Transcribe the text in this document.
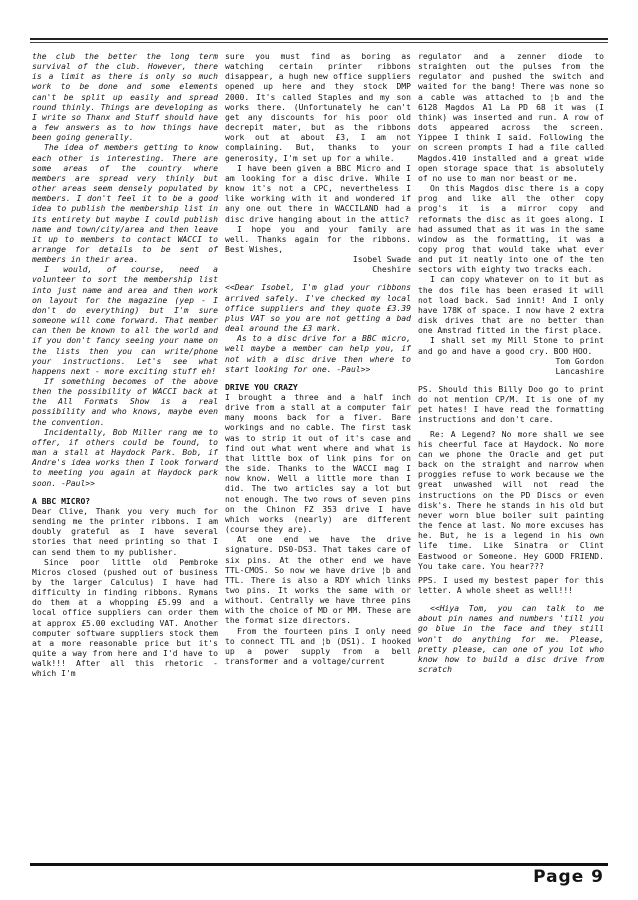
the club the better the long term survival of the club. However, there is a limit as there is only so much work to be done and some elements can't be split up easily and spread round thinly. Things are developing as I write so Thanx and Stuff should have a few answers as to how things have been going generally.

The idea of members getting to know each other is interesting. There are some areas of the country where members are spread very thinly but other areas seem densely populated by members. I don't feel it to be a good idea to publish the membership list in its entirety but maybe I could publish name and town/city/area and then leave it up to members to contact WACCI to arrange for details to be sent of members in their area.

I would, of course, need a volunteer to sort the membership list into just name and area and then work on layout for the magazine (yep - I don't do everything) but I'm sure someone will come forward. That member can then be known to all the world and if you don't fancy seeing your name on the lists then you can write/phone your instructions. Let's see what happens next - more exciting stuff eh!

If something becomes of the above then the possibility of WACCI back at the All Formats Show is a real possibility and who knows, maybe even the convention.

Incidentally, Bob Miller rang me to offer, if others could be found, to man a stall at Haydock Park. Bob, if Andre's idea works then I look forward to meeting you again at Haydock park soon. -Paul>>

A BBC MICRO?

Dear Clive, Thank you very much for sending me the printer ribbons. I am doubly grateful as I have several stories that need printing so that I can send them to my publisher.

Since poor little old Pembroke Micros closed (pushed out of business by the larger Calculus) I have had difficulty in finding ribbons. Rymans do them at a whopping £5.99 and a local office suppliers can order them at approx £5.00 excluding VAT. Another computer software suppliers stock them at a more reasonable price but it's quite a way from here and I'd have to walk!!! After all this rhetoric - which I'm

sure you must find as boring as watching certain printer ribbons disappear, a hugh new office suppliers opened up here and they stock DMP 2000. It's called Staples and my son works there. (Unfortunately he can't get any discounts for his poor old decrepit mater, but as the ribbons work out at about £3, I am not complaining. But, thanks to your generosity, I'm set up for a while.

I have been given a BBC Micro and I am looking for a disc drive. While I know it's not a CPC, nevertheless I like working with it and wondered if any one out there in WACCILAND had a disc drive hanging about in the attic?

I hope you and your family are well. Thanks again for the ribbons. Best Wishes,

Isobel Swade

Cheshire

<<Dear Isobel, I'm glad your ribbons arrived safely. I've checked my local office suppliers and they quote £3.39 plus VAT so you are not getting a bad deal around the £3 mark.

As to a disc drive for a BBC micro, well maybe a member can help you, if not with a disc drive then where to start looking for one. -Paul>>

DRIVE YOU CRAZY

I brought a three and a half inch drive from a stall at a computer fair many moons back for a fiver. Bare workings and no cable. The first task was to strip it out of it's case and find out what went where and what is that little box of link pins for on the side. Thanks to the WACCI mag I now know. Well a little more than I did. The two articles say a lot but not enough. The two rows of seven pins on the Chinon FZ 353 drive I have which works (nearly) are different (course they are).

At one end we have the drive signature. DS0-DS3. That takes care of six pins. At the other end we have TTL-CMOS. So now we have drive ¦b and TTL. There is also a RDY which links two pins. It works the same with or without. Centrally we have three pins with the choice of MD or MM. These are the format size directors.

From the fourteen pins I only need to connect TTL and ¦b (DS1). I hooked up a power supply from a bell transformer and a voltage/current

regulator and a zenner diode to straighten out the pulses from the regulator and pushed the switch and waited for the bang! There was none so a cable was attached to ¦b and the 6128 Magdos A1 La PD 68 it was (I think) was inserted and run. A row of dots appeared across the screen. Yippee I think I said. Following the on screen prompts I had a file called Magdos.410 installed and a great wide open storage space that is absolutely of no use to man nor beast or me.

On this Magdos disc there is a copy prog and like all the other copy prog's it is a mirror copy and reformats the disc as it goes along. I had assumed that as it was in the same window as the formatting, it was a copy prog that would take what ever and put it neatly into one of the ten sectors with eighty two tracks each.

I can copy whatever on to it but as the dos file has been erased it will not load back. Sad innit! And I only have 178K of space. I now have 2 extra disk drives that are no better than one Amstrad fitted in the first place.

I shall set my Mill Stone to print and go and have a good cry. BOO HOO.

Tom Gordon

Lancashire

PS. Should this Billy Doo go to print do not mention CP/M. It is one of my pet hates! I have read the formatting instructions and don't care.

Re: A Legend? No more shall we see his cheerful face at Haydock. No more can we phone the Oracle and get put back on the straight and narrow when proggies refuse to work because we the great unwashed will not read the instructions on the PD Discs or even disk's. There he stands in his old but never worn blue boiler suit painting the fence at last. No more excuses has he. But, he is a legend in his own life time. Like Sinatra or Clint Eastwood or Someone. Hey GOOD FRIEND. You take care. You hear???

PPS. I used my bestest paper for this letter. A whole sheet as well!!!

<<Hiya Tom, you can talk to me about pin names and numbers 'till you go blue in the face and they still won't do anything for me. Please, pretty please, can one of you lot who know how to build a disc drive from scratch

Page 9
